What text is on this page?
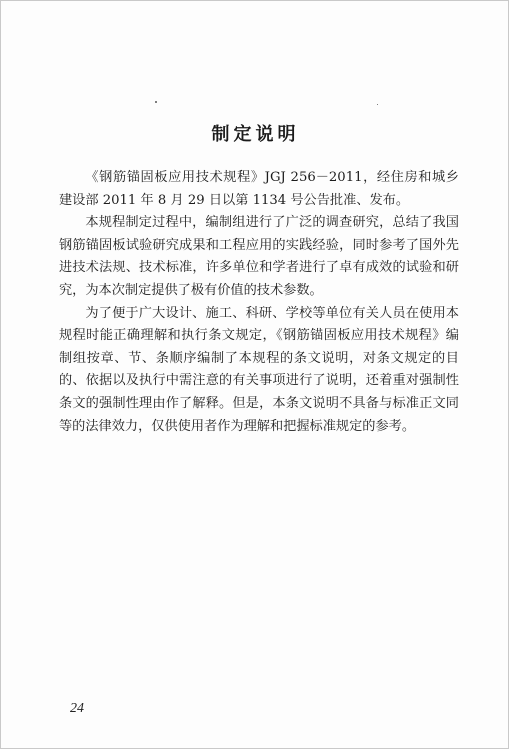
制定说明

《钢筋锚固板应用技术规程》JGJ 256－2011，经住房和城乡建设部 2011 年 8 月 29 日以第 1134 号公告批准、发布。

本规程制定过程中，编制组进行了广泛的调查研究，总结了我国钢筋锚固板试验研究成果和工程应用的实践经验，同时参考了国外先进技术法规、技术标准，许多单位和学者进行了卓有成效的试验和研究，为本次制定提供了极有价值的技术参数。

为了便于广大设计、施工、科研、学校等单位有关人员在使用本规程时能正确理解和执行条文规定，《钢筋锚固板应用技术规程》编制组按章、节、条顺序编制了本规程的条文说明，对条文规定的目的、依据以及执行中需注意的有关事项进行了说明，还着重对强制性条文的强制性理由作了解释。但是，本条文说明不具备与标准正文同等的法律效力，仅供使用者作为理解和把握标准规定的参考。

24
